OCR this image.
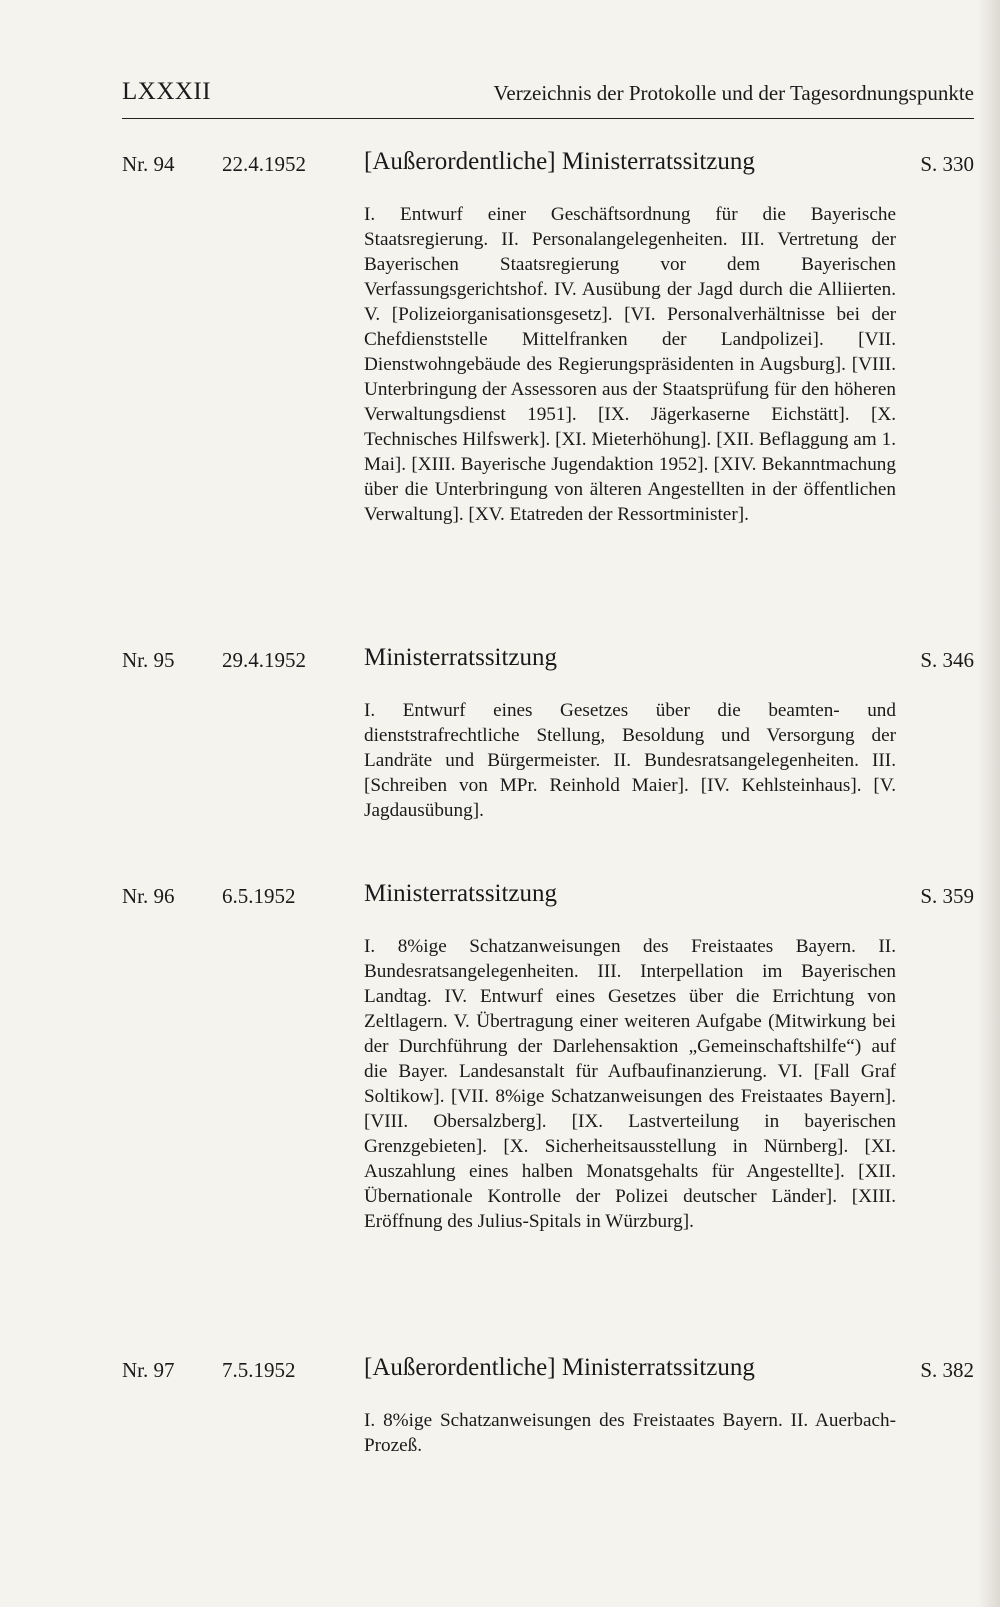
LXXXII	Verzeichnis der Protokolle und der Tagesordnungspunkte
Nr. 94 22.4.1952 [Außerordentliche] Ministerratssitzung	S. 330
I. Entwurf einer Geschäftsordnung für die Bayerische Staatsregierung. II. Personalangelegenheiten. III. Vertretung der Bayerischen Staatsregierung vor dem Bayerischen Verfassungsgerichtshof. IV. Ausübung der Jagd durch die Alliierten. V. [Polizeiorganisationsgesetz]. [VI. Personalverhältnisse bei der Chefdienststelle Mittelfranken der Landpolizei]. [VII. Dienstwohngebäude des Regierungspräsidenten in Augsburg]. [VIII. Unterbringung der Assessoren aus der Staatsprüfung für den höheren Verwaltungsdienst 1951]. [IX. Jägerkaserne Eichstätt]. [X. Technisches Hilfswerk]. [XI. Mieterhöhung]. [XII. Beflaggung am 1. Mai]. [XIII. Bayerische Jugendaktion 1952]. [XIV. Bekanntmachung über die Unterbringung von älteren Angestellten in der öffentlichen Verwaltung]. [XV. Etatreden der Ressortminister].
Nr. 95 29.4.1952 Ministerratssitzung	S. 346
I. Entwurf eines Gesetzes über die beamten- und dienststrafrechtliche Stellung, Besoldung und Versorgung der Landräte und Bürgermeister. II. Bundesratsangelegenheiten. III. [Schreiben von MPr. Reinhold Maier]. [IV. Kehlsteinhaus]. [V. Jagdausübung].
Nr. 96 6.5.1952	Ministerratssitzung	S. 359
I. 8%ige Schatzanweisungen des Freistaates Bayern. II. Bundesratsangelegenheiten. III. Interpellation im Bayerischen Landtag. IV. Entwurf eines Gesetzes über die Errichtung von Zeltlagern. V. Übertragung einer weiteren Aufgabe (Mitwirkung bei der Durchführung der Darlehensaktion „Gemeinschaftshilfe“) auf die Bayer. Landesanstalt für Aufbaufinanzierung. VI. [Fall Graf Soltikow]. [VII. 8%ige Schatzanweisungen des Freistaates Bayern]. [VIII. Obersalzberg]. [IX. Lastverteilung in bayerischen Grenzgebieten]. [X. Sicherheitsausstellung in Nürnberg]. [XI. Auszahlung eines halben Monatsgehalts für Angestellte]. [XII. Übernationale Kontrolle der Polizei deutscher Länder]. [XIII. Eröffnung des Julius-Spitals in Würzburg].
Nr. 97 7.5.1952	[Außerordentliche] Ministerratssitzung	S. 382
I. 8%ige Schatzanweisungen des Freistaates Bayern. II. Auerbach-Prozeß.
